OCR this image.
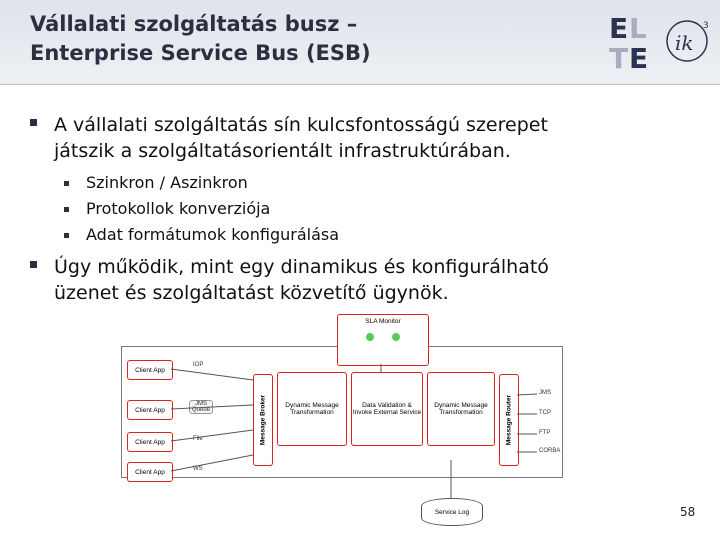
Vállalati szolgáltatás busz –
Enterprise Service Bus (ESB)
E L
T E ik
3
A vállalati szolgáltatás sín kulcsfontosságú szerepet
játszik a szolgáltatásorientált infrastruktúrában.
Szinkron / Aszinkron
Protokollok konverziója
Adat formátumok konfigurálása
Úgy működik, mint egy dinamikus és konfigurálható
üzenet és szolgáltatást közvetítő ügynök.
SLA Monitor
Client App
Client App
Client App
Client App
IOP
JMS Queue
File
WS
Message Broker	Dynamic Message Transformation
Data Validation & Invoke External Service
Dynamic Message Transformation	Message Router
JMS
TCP
FTP
CORBA
Service Log	58
